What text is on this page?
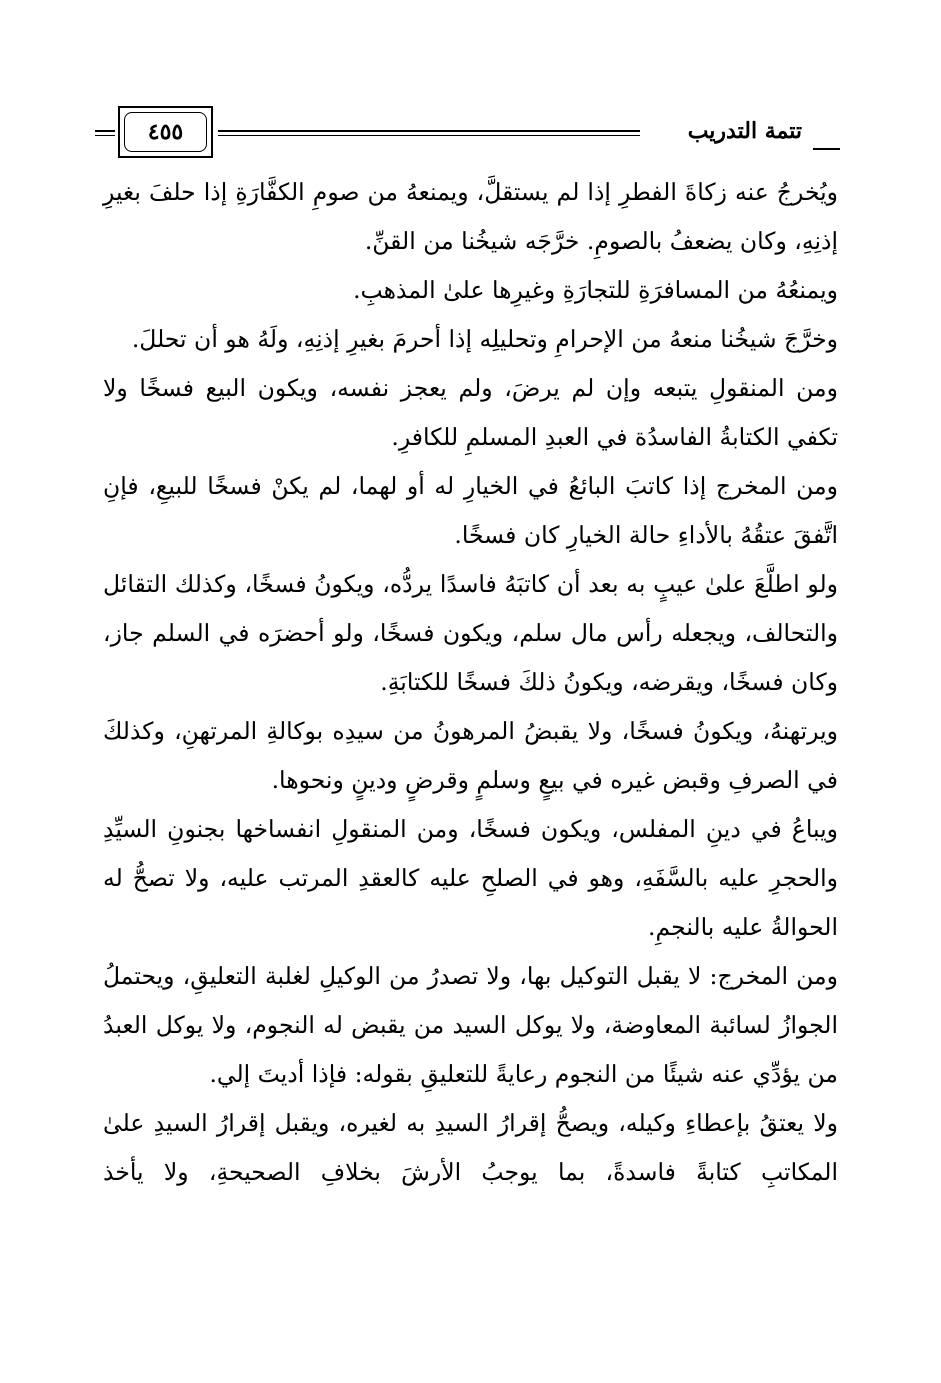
تتمة التدريب
٤٥٥

ويُخرجُ عنه زكاةَ الفطرِ إذا لم يستقلَّ، ويمنعهُ من صومِ الكفَّارَةِ إذا حلفَ بغيرِ إذنِهِ، وكان يضعفُ بالصومِ. خرَّجَه شيخُنا من القنِّ.

ويمنعُهُ من المسافرَةِ للتجارَةِ وغيرِها علىٰ المذهبِ.

وخرَّجَ شيخُنا منعهُ من الإحرامِ وتحليلِه إذا أحرمَ بغيرِ إذنِهِ، ولَهُ هو أن تحللَ.

ومن المنقولِ يتبعه وإن لم يرضَ، ولم يعجز نفسه، ويكون البيع فسخًا ولا تكفي الكتابةُ الفاسدُة في العبدِ المسلمِ للكافرِ.

ومن المخرج إذا كاتبَ البائعُ في الخيارِ له أو لهما، لم يكنْ فسخًا للبيعِ، فإنِ اتَّفقَ عتقُهُ بالأداءِ حالة الخيارِ كان فسخًا.

ولو اطلَّعَ علىٰ عيبٍ به بعد أن كاتبَهُ فاسدًا يردُّه، ويكونُ فسخًا، وكذلك التقائل والتحالف، ويجعله رأس مال سلم، ويكون فسخًا، ولو أحضرَه في السلم جاز، وكان فسخًا، ويقرضه، ويكونُ ذلكَ فسخًا للكتابَةِ.

ويرتهنهُ، ويكونُ فسخًا، ولا يقبضُ المرهونُ من سيدِه بوكالةِ المرتهنِ، وكذلكَ في الصرفِ وقبض غيره في بيعٍ وسلمٍ وقرضٍ ودينٍ ونحوها.

ويباعُ في دينِ المفلس، ويكون فسخًا، ومن المنقولِ انفساخها بجنونِ السيِّدِ والحجرِ عليه بالسَّفَهِ، وهو في الصلحِ عليه كالعقدِ المرتب عليه، ولا تصحُّ له الحوالةُ عليه بالنجمِ.

ومن المخرج: لا يقبل التوكيل بها، ولا تصدرُ من الوكيلِ لغلبة التعليقِ، ويحتملُ الجوازُ لسائبة المعاوضة، ولا يوكل السيد من يقبض له النجوم، ولا يوكل العبدُ من يؤدِّي عنه شيئًا من النجوم رعايةً للتعليقِ بقوله: فإذا أديتَ إلي.

ولا يعتقُ بإعطاءِ وكيله، ويصحُّ إقرارُ السيدِ به لغيره، ويقبل إقرارُ السيدِ علىٰ المكاتبِ كتابةً فاسدةً، بما يوجبُ الأرشَ بخلافِ الصحيحةِ، ولا يأخذ
